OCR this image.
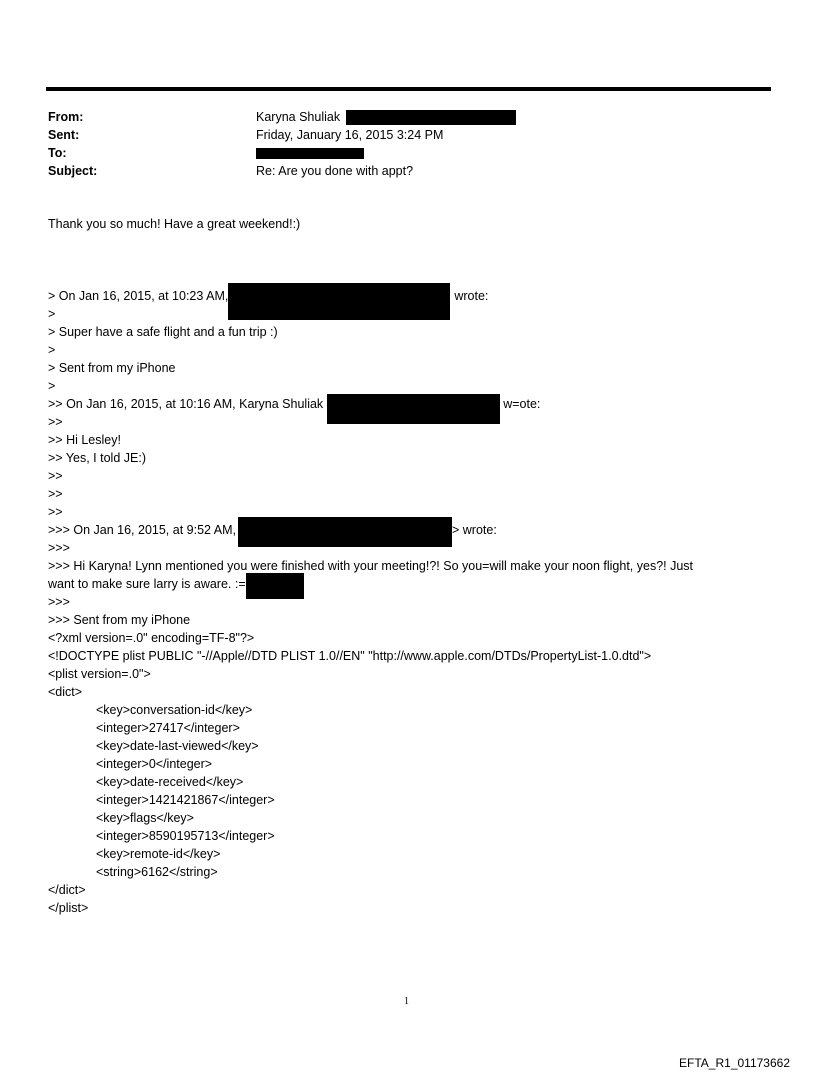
From:	Karyna Shuliak
Sent:	Friday, January 16, 2015 3:24 PM
To:
Subject:	Re: Are you done with appt?
Thank you so much! Have a great weekend!:)
> On Jan 16, 2015, at 10:23 AM,	wrote:
>
> Super have a safe flight and a fun trip :)
>
> Sent from my iPhone
>
>> On Jan 16, 2015, at 10:16 AM, Karyna Shuliak	w=ote:
>>
>> Hi Lesley!
>> Yes, I told JE:)
>>
>>
>>
>>> On Jan 16, 2015, at 9:52 AM,	> wrote:
>>>
>>> Hi Karyna! Lynn mentioned you were finished with your meeting!?! So you=will make your noon flight, yes?! Just
want to make sure larry is aware. :=
>>>
>>> Sent from my iPhone
<?xml version=.0" encoding=TF-8"?>
<!DOCTYPE plist PUBLIC "-//Apple//DTD PLIST 1.0//EN" "http://www.apple.com/DTDs/PropertyList-1.0.dtd">
<plist version=.0">
<dict>
<key>conversation-id</key>
<integer>27417</integer>
<key>date-last-viewed</key>
<integer>0</integer>
<key>date-received</key>
<integer>1421421867</integer>
<key>flags</key>
<integer>8590195713</integer>
<key>remote-id</key>
<string>6162</string>
</dict>
</plist>
1
EFTA_R1_01173662
